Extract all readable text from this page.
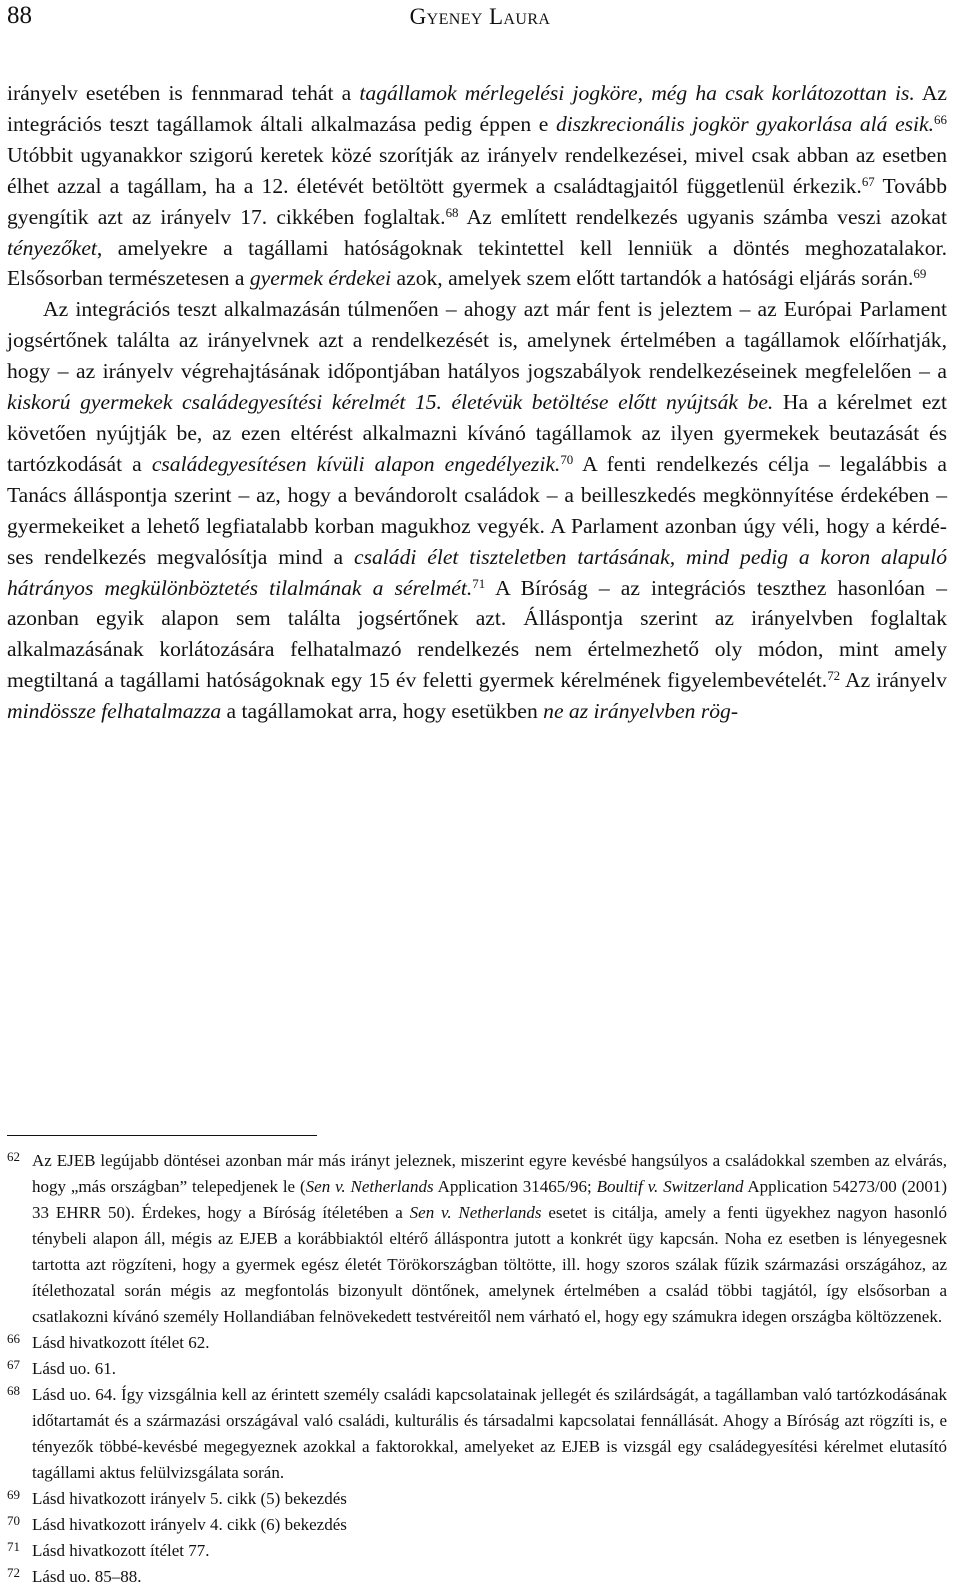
88	Gyeney Laura

irányelv esetében is fennmarad tehát a tagállamok mérlegelési jogköre, még ha csak korlátozottan is. Az integrációs teszt tagállamok általi alkalmazása pedig éppen e diszkrecionális jogkör gyakorlása alá esik.$^{66}$ Utóbbit ugyanakkor szigorú keretek közé szorítják az irányelv rendelkezései, mivel csak abban az esetben élhet azzal a tagállam, ha a 12. életévét betöltött gyermek a családtagjaitól függetlenül érkezik.$^{67}$ Tovább gyengítik azt az irányelv 17. cikkében foglaltak.$^{68}$ Az említett rendelkezés ugyanis számba veszi azokat tényezőket, amelyekre a tagállami hatóságoknak tekintettel kell lenniük a döntés meghozatalakor. Elsősorban természetesen a gyermek érdekei azok, amelyek szem előtt tartandók a hatósági eljárás során.$^{69}$

Az integrációs teszt alkalmazásán túlmenően – ahogy azt már fent is jeleztem – az Európai Parlament jogsértőnek találta az irányelvnek azt a rendelkezését is, amelynek értelmében a tagállamok előírhatják, hogy – az irányelv végrehajtásának időpontjában hatályos jogszabályok rendelkezéseinek megfelelően – a kiskorú gyermekek családegyesítési kérelmét 15. életévük betöltése előtt nyújtsák be. Ha a kérelmet ezt követően nyújtják be, az ezen eltérést alkalmazni kívánó tagállamok az ilyen gyermekek beutazását és tartózkodását a családegyesítésen kívüli alapon engedélyezik.$^{70}$ A fenti rendelkezés célja – legalábbis a Tanács álláspontja szerint – az, hogy a bevándorolt családok – a beilleszkedés megkönnyítése érdekében – gyermekeiket a lehető legfiatalabb korban magukhoz vegyék. A Parlament azonban úgy véli, hogy a kérdéses rendelkezés megvalósítja mind a családi élet tiszteletben tartásának, mind pedig a koron alapuló hátrányos megkülönböztetés tilalmának a sérelmét.$^{71}$ A Bíróság – az integrációs teszthez hasonlóan – azonban egyik alapon sem találta jogsértőnek azt. Álláspontja szerint az irányelvben foglaltak alkalmazásának korlátozására felhatalmazó rendelkezés nem értelmezhető oly módon, mint amely megtiltaná a tagállami hatóságoknak egy 15 év feletti gyermek kérelmének figyelembevételét.$^{72}$ Az irányelv mindössze felhatalmazza a tagállamokat arra, hogy esetükben ne az irányelvben rög-

62 Az EJEB legújabb döntései azonban már más irányt jeleznek, miszerint egyre kevésbé hangsúlyos a családokkal szemben az elvárás, hogy „más országban” telepedjenek le (Sen v. Netherlands Application 31465/96; Boultif v. Switzerland Application 54273/00 (2001) 33 EHRR 50). Érdekes, hogy a Bíróság ítéletében a Sen v. Netherlands esetet is citálja, amely a fenti ügyekhez nagyon hasonló ténybeli alapon áll, mégis az EJEB a korábbiaktól eltérő álláspontra jutott a konkrét ügy kapcsán. Noha ez esetben is lényegesnek tartotta azt rögzíteni, hogy a gyermek egész életét Törökországban töltötte, ill. hogy szoros szálak fűzik származási országához, az ítélethozatal során mégis az megfontolás bizonyult döntőnek, amelynek értelmében a család többi tagjától, így elsősorban a csatlakozni kívánó személy Hollandiában felnövekedett testvéreitől nem várható el, hogy egy számukra idegen országba költözzenek.
66 Lásd hivatkozott ítélet 62.
67 Lásd uo. 61.
68 Lásd uo. 64. Így vizsgálnia kell az érintett személy családi kapcsolatainak jellegét és szilárdságát, a tagállamban való tartózkodásának időtartamát és a származási országával való családi, kulturális és társadalmi kapcsolatai fennállását. Ahogy a Bíróság azt rögzíti is, e tényezők többé-kevésbé megegyeznek azokkal a faktorokkal, amelyeket az EJEB is vizsgál egy családegyesítési kérelmet elutasító tagállami aktus felülvizsgálata során.
69 Lásd hivatkozott irányelv 5. cikk (5) bekezdés
70 Lásd hivatkozott irányelv 4. cikk (6) bekezdés
71 Lásd hivatkozott ítélet 77.
72 Lásd uo. 85–88.
